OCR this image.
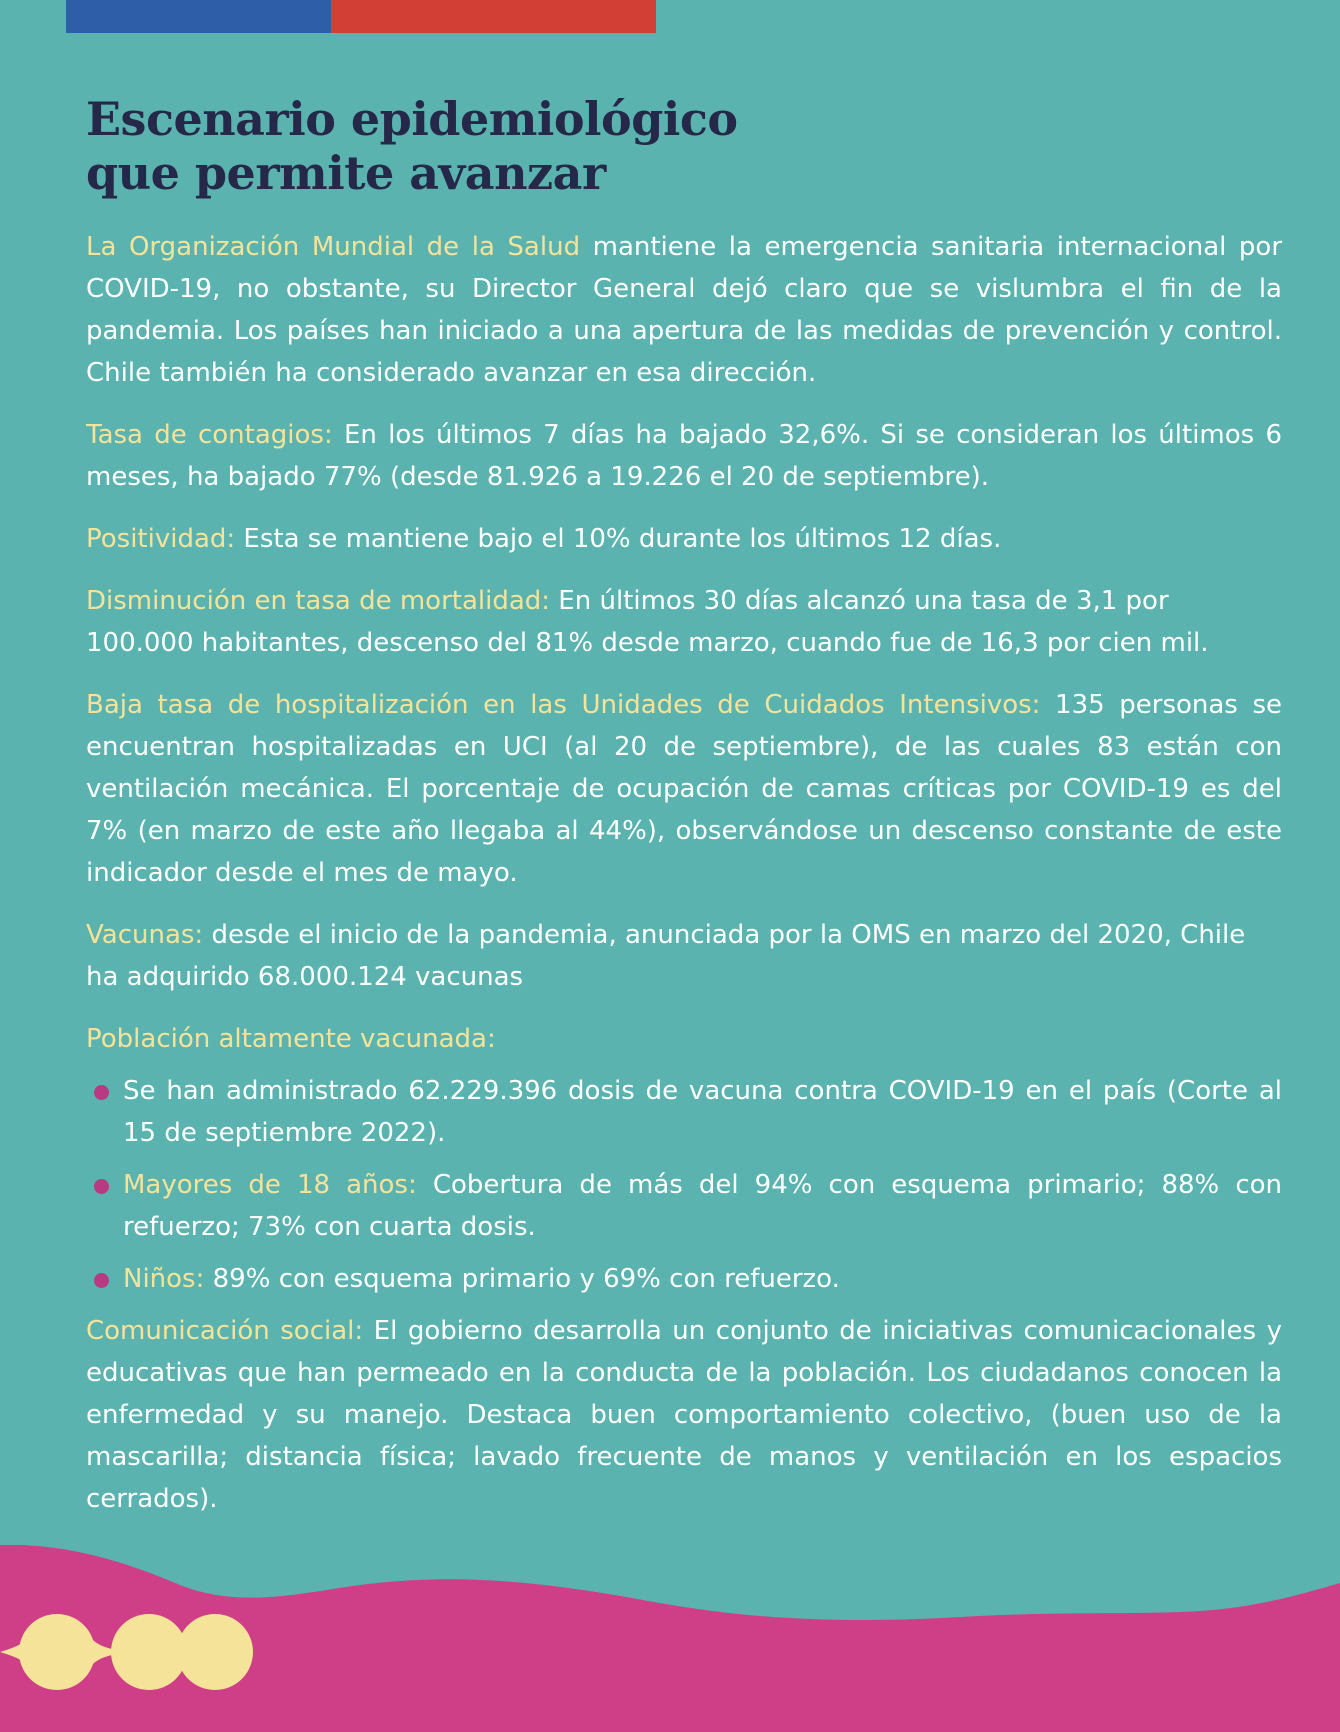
Escenario epidemiológico
que permite avanzar

La Organización Mundial de la Salud mantiene la emergencia sanitaria internacional por COVID-19, no obstante, su Director General dejó claro que se vislumbra el fin de la pandemia. Los países han iniciado a una apertura de las medidas de prevención y control. Chile también ha considerado avanzar en esa dirección.

Tasa de contagios: En los últimos 7 días ha bajado 32,6%. Si se consideran los últimos 6 meses, ha bajado 77% (desde 81.926 a 19.226 el 20 de septiembre).

Positividad: Esta se mantiene bajo el 10% durante los últimos 12 días.

Disminución en tasa de mortalidad: En últimos 30 días alcanzó una tasa de 3,1 por 100.000 habitantes, descenso del 81% desde marzo, cuando fue de 16,3 por cien mil.

Baja tasa de hospitalización en las Unidades de Cuidados Intensivos: 135 personas se encuentran hospitalizadas en UCI (al 20 de septiembre), de las cuales 83 están con ventilación mecánica. El porcentaje de ocupación de camas críticas por COVID-19 es del 7% (en marzo de este año llegaba al 44%), observándose un descenso constante de este indicador desde el mes de mayo.

Vacunas: desde el inicio de la pandemia, anunciada por la OMS en marzo del 2020, Chile ha adquirido 68.000.124 vacunas

Población altamente vacunada:

Se han administrado 62.229.396 dosis de vacuna contra COVID-19 en el país (Corte al 15 de septiembre 2022).
Mayores de 18 años: Cobertura de más del 94% con esquema primario; 88% con refuerzo; 73% con cuarta dosis.
Niños: 89% con esquema primario y 69% con refuerzo.

Comunicación social: El gobierno desarrolla un conjunto de iniciativas comunicacionales y educativas que han permeado en la conducta de la población. Los ciudadanos conocen la enfermedad y su manejo. Destaca buen comportamiento colectivo, (buen uso de la mascarilla; distancia física; lavado frecuente de manos y ventilación en los espacios cerrados).
